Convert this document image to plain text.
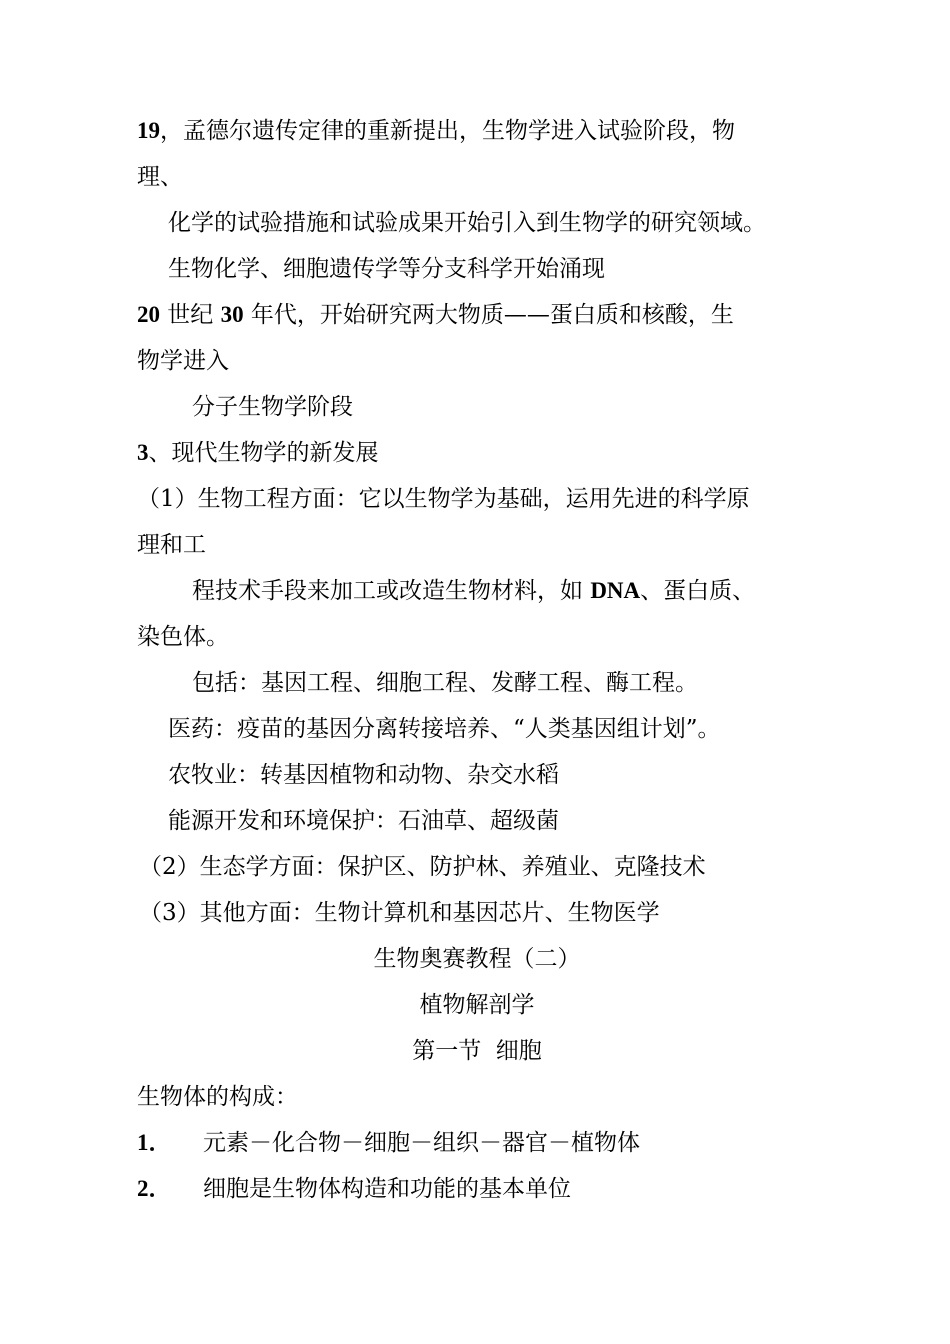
19，孟德尔遗传定律的重新提出，生物学进入试验阶段，物
理、
化学的试验措施和试验成果开始引入到生物学的研究领域。
生物化学、细胞遗传学等分支科学开始涌现
20 世纪 30 年代，开始研究两大物质——蛋白质和核酸，生
物学进入
分子生物学阶段
3、现代生物学的新发展
（1）生物工程方面：它以生物学为基础，运用先进的科学原
理和工
程技术手段来加工或改造生物材料，如 DNA、蛋白质、
染色体。
包括：基因工程、细胞工程、发酵工程、酶工程。
医药：疫苗的基因分离转接培养、“人类基因组计划”。
农牧业：转基因植物和动物、杂交水稻
能源开发和环境保护：石油草、超级菌
（2）生态学方面：保护区、防护林、养殖业、克隆技术
（3）其他方面：生物计算机和基因芯片、生物医学
生物奥赛教程（二）
植物解剖学
第一节  细胞
生物体的构成：
1． 元素－化合物－细胞－组织－器官－植物体
2． 细胞是生物体构造和功能的基本单位
